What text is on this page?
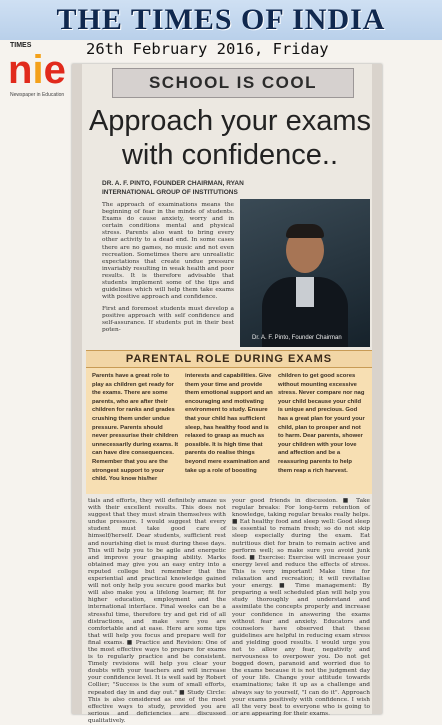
THE TIMES OF INDIA
TIMES
nie
Newspaper in Education
26th February 2016, Friday
SCHOOL IS COOL
Approach your exams
with confidence..
DR. A. F. PINTO, FOUNDER CHAIRMAN, RYAN
INTERNATIONAL GROUP OF INSTITUTIONS
The approach of examinations means the beginning of fear in the minds of students. Exams do cause anxiety, worry and in certain conditions mental and physical stress. Parents also want to bring every other activity to a dead end. In some cases there are no games, no music and not even recreation. Sometimes there are unrealistic expectations that create undue pressure invariably resulting in weak health and poor results. It is therefore advisable that students implement some of the tips and guidelines which will help them take exams with positive approach and confidence.
First and foremost students must develop a positive approach with self confidence and self-assurance. If students put in their best poten-
Dr. A. F. Pinto, Founder Chairman
PARENTAL ROLE DURING EXAMS
Parents have a great role to play as children get ready for the exams. There are some parents, who are after their children for ranks and grades crushing them under undue pressure. Parents should never pressurise their children unnecessarily during exams. It can have dire consequences. Remember that you are the strongest support to your child. You know his/her
interests and capabilities. Give them your time and provide them emotional support and an encouraging and motivating environment to study. Ensure that your child has sufficient sleep, has healthy food and is relaxed to grasp as much as possible. It is high time that parents do realise things beyond mere examination and take up a role of boosting
children to get good scores without mounting excessive stress. Never compare nor nag your child because your child is unique and precious. God has a great plan for yourd your child, plan to prosper and not to harm. Dear parents, shower your children with your love and affection and be a reassuring parents to help them reap a rich harvest.
tials and efforts, they will definitely amaze us with their excellent results. This does not suggest that they must strain themselves with undue pressure. I would suggest that every student must take good care of himself/herself. Dear students, sufficient rest and nourishing diet is must during these days. This will help you to be agile and energetic and improve your grasping ability. Marks obtained may give you an easy entry into a reputed college but remember that the experiential and practical knowledge gained will not only help you secure good marks but will also make you a lifelong learner, fit for higher education, employment and the international interface. Final weeks can be a stressful time, therefore try and get rid of all distractions, and make sure you are comfortable and at ease. Here are some tips that will help you focus and prepare well for final exams. ■ Practice and Revision: One of the most effective ways to prepare for exams is to regularly practice and be consistent. Timely revisions will help you clear your doubts with your teachers and will increase your confidence level. It is well said by Robert Collier; "Success is the sum of small efforts, repeated day in and day out." ■ Study Circle: This is also considered as one of the most effective ways to study, provided you are serious and deficiencies are discussed qualitatively.
your good friends in discussion. ■ Take regular breaks: For long-term retention of knowledge, taking regular breaks really helps. ■ Eat healthy food and sleep well: Good sleep is essential to remain fresh; so do not skip sleep especially during the exam. Eat nutritious diet for brain to remain active and perform well; so make sure you avoid junk food. ■ Exercise: Exercise will increase your energy level and reduce the effects of stress. This is very important! Make time for relaxation and recreation; it will revitalise your energy. ■ Time management: By preparing a well scheduled plan will help you study thoroughly and understand and assimilate the concepts properly and increase your confidence in answering the exams without fear and anxiety. Educators and counselors have observed that these guidelines are helpful in reducing exam stress and yielding good results. I would urge you not to allow any fear, negativity and nervousness to overpower you. Do not get bogged down, paranoid and worried due to the exams because it is not the judgment day of your life. Change your attitude towards examinations; take it up as a challenge and always say to yourself, "I can do it". Approach your exams positively with confidence. I wish all the very best to everyone who is going to or are appearing for their exams.
